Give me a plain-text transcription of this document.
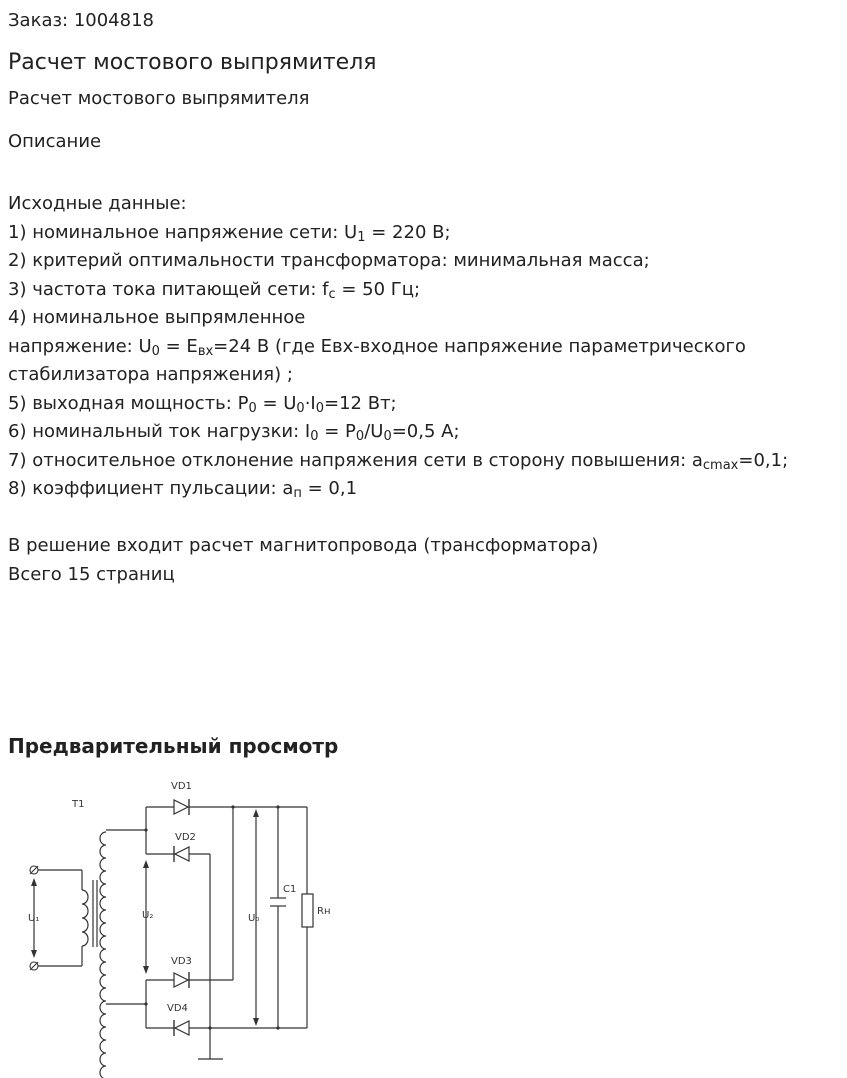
Заказ: 1004818
Расчет мостового выпрямителя
Расчет мостового выпрямителя
Описание
Исходные данные:
1) номинальное напряжение сети: $U_1 = 220$ В;
2) критерий оптимальности трансформатора: минимальная масса;
3) частота тока питающей сети: $f_c = 50$ Гц;
4) номинальное выпрямленное
напряжение: $U_0 = E_{вх}=24$ В (где Евх-входное напряжение параметрического
стабилизатора напряжения) ;
5) выходная мощность: $P_0 = U_0\cdot I_0=12$ Вт;
6) номинальный ток нагрузки: $I_0 = P_0/U_0=0,5$ А;
7) относительное отклонение напряжения сети в сторону повышения: $a_{cmax}=0,1$;
8) коэффициент пульсации: $a_п = 0,1$
В решение входит расчет магнитопровода (трансформатора)
Всего 15 страниц
Предварительный просмотр
T1
VD1
VD2
VD3
VD4
C1
Rн
U₁	U₂	U₀
